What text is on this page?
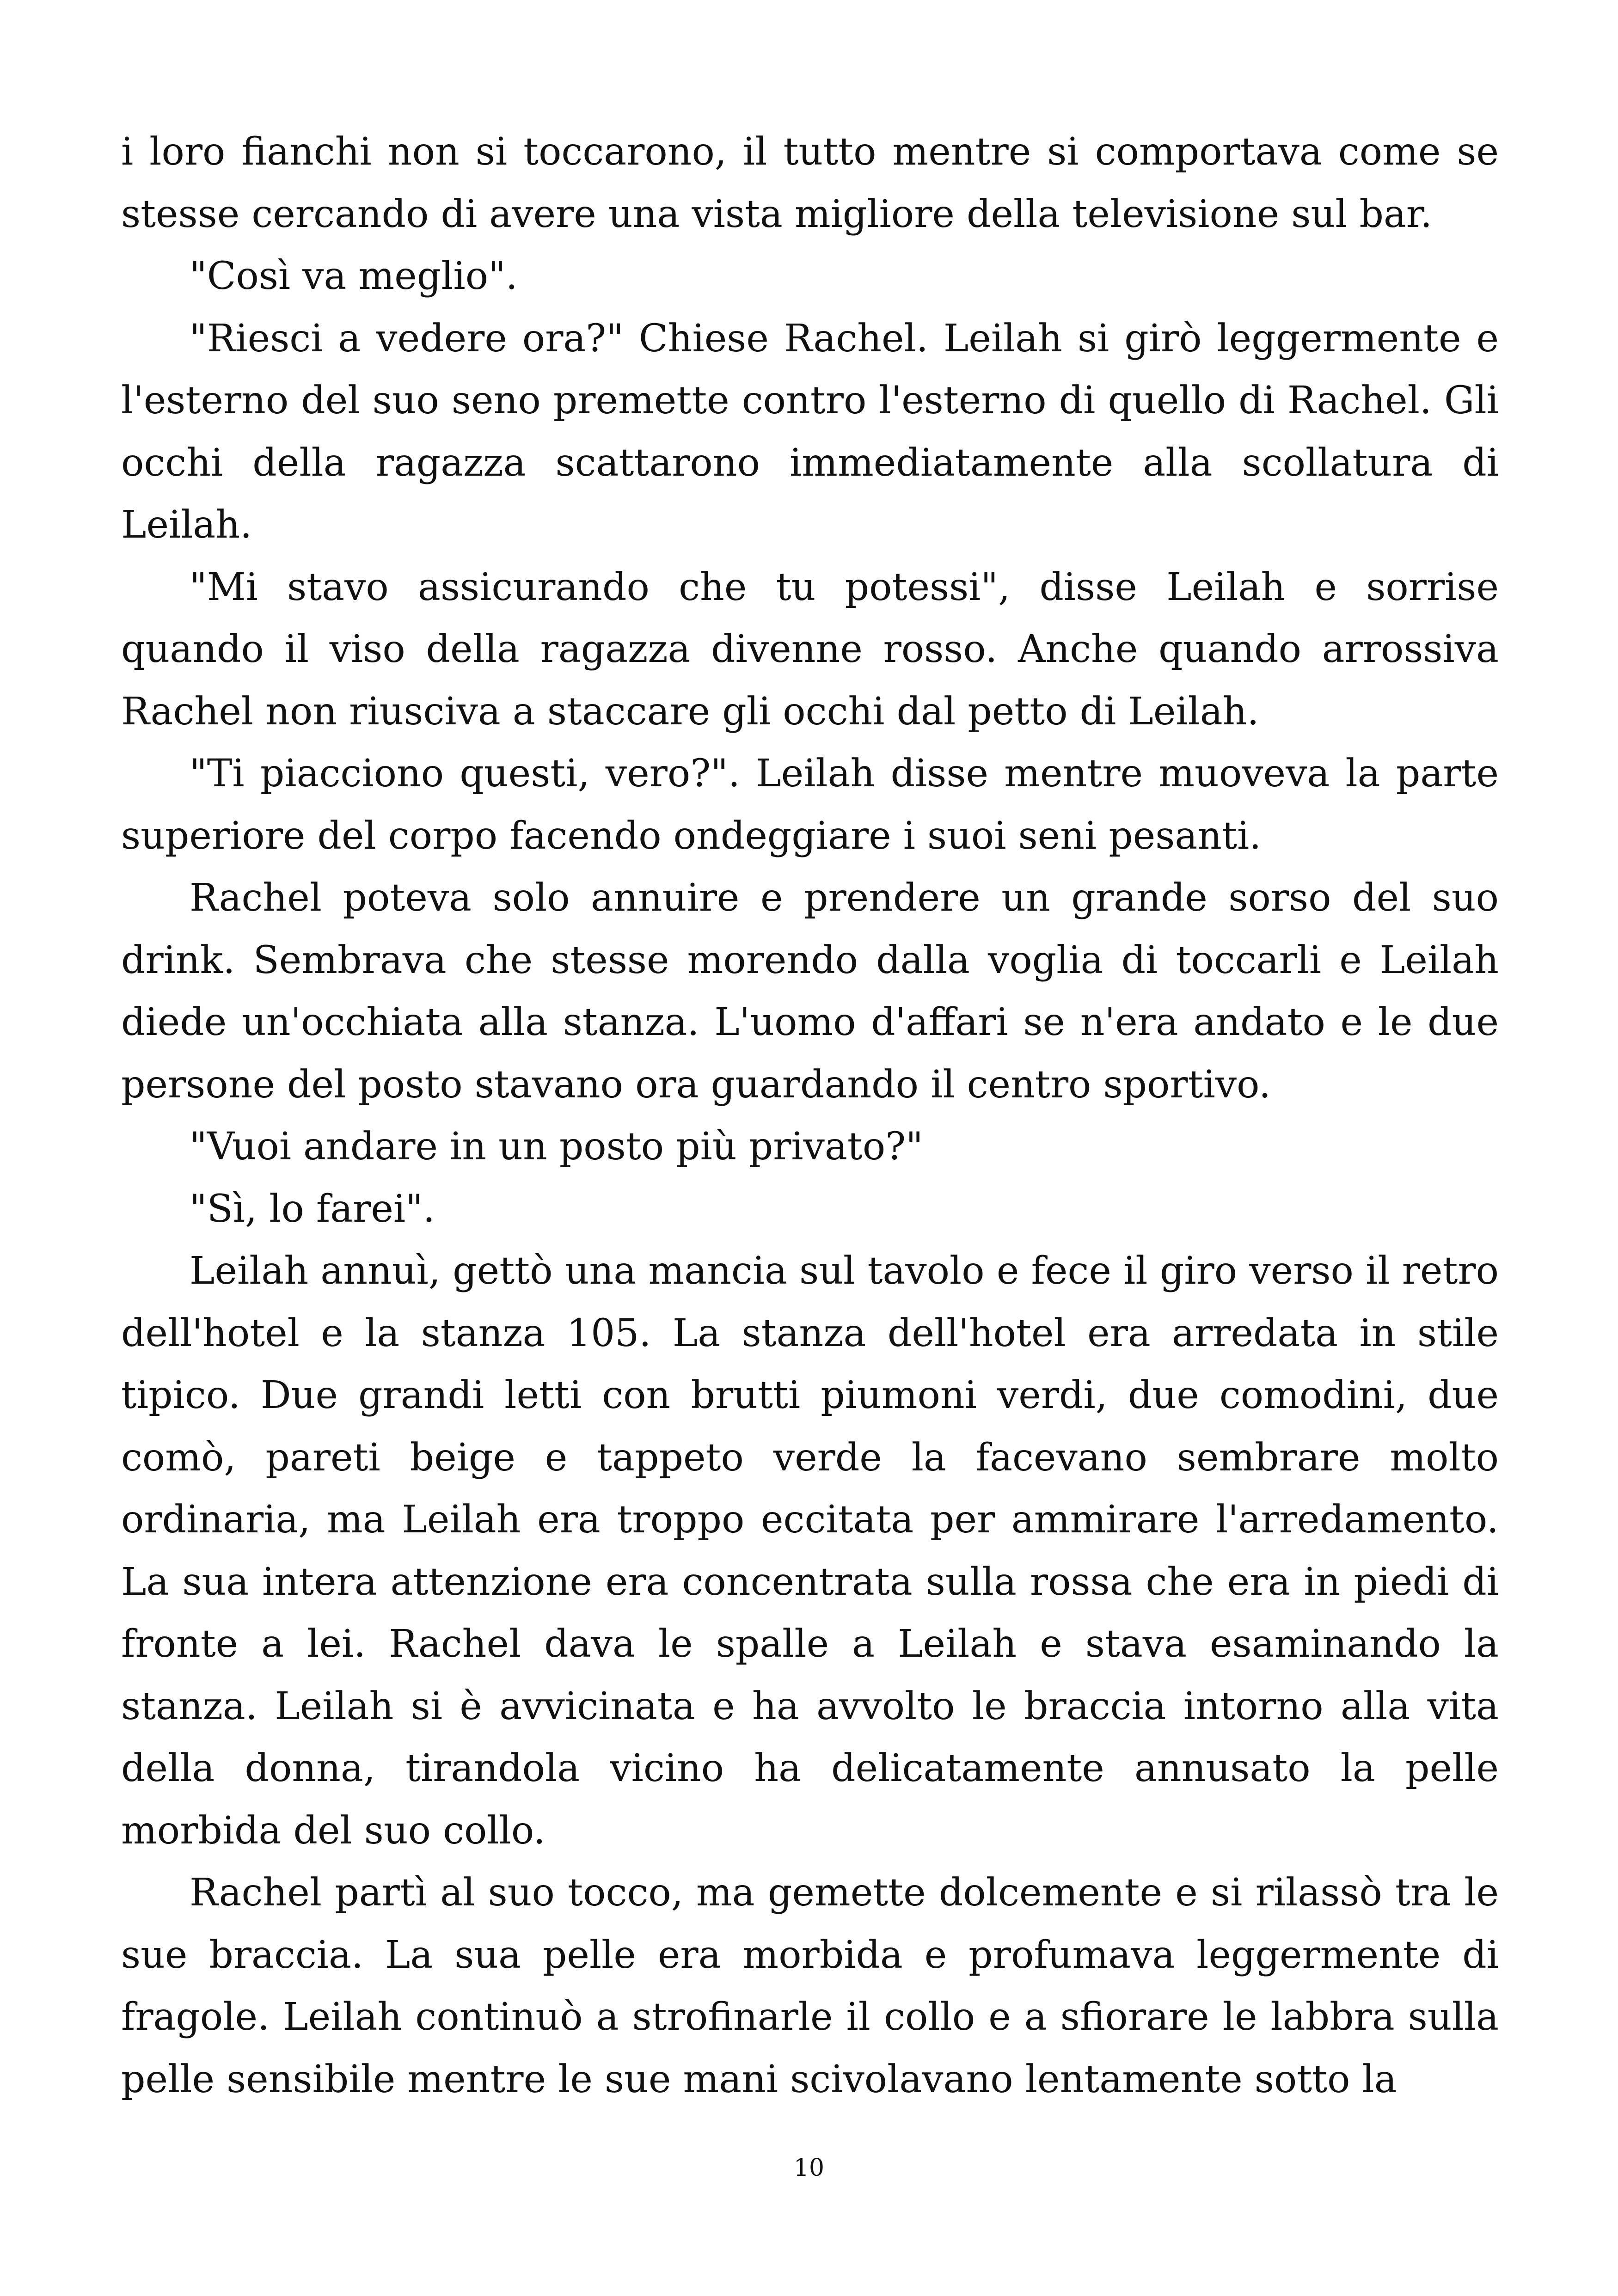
i loro fianchi non si toccarono, il tutto mentre si comportava come se stesse cercando di avere una vista migliore della televisione sul bar.

"Così va meglio".

"Riesci a vedere ora?" Chiese Rachel. Leilah si girò leggermente e l'esterno del suo seno premette contro l'esterno di quello di Rachel. Gli occhi della ragazza scattarono immediatamente alla scollatura di Leilah.

"Mi stavo assicurando che tu potessi", disse Leilah e sorrise quando il viso della ragazza divenne rosso. Anche quando arrossiva Rachel non riusciva a staccare gli occhi dal petto di Leilah.

"Ti piacciono questi, vero?". Leilah disse mentre muoveva la parte superiore del corpo facendo ondeggiare i suoi seni pesanti.

Rachel poteva solo annuire e prendere un grande sorso del suo drink. Sembrava che stesse morendo dalla voglia di toccarli e Leilah diede un'occhiata alla stanza. L'uomo d'affari se n'era andato e le due persone del posto stavano ora guardando il centro sportivo.

"Vuoi andare in un posto più privato?"

"Sì, lo farei".

Leilah annuì, gettò una mancia sul tavolo e fece il giro verso il retro dell'hotel e la stanza 105. La stanza dell'hotel era arredata in stile tipico. Due grandi letti con brutti piumoni verdi, due comodini, due comò, pareti beige e tappeto verde la facevano sembrare molto ordinaria, ma Leilah era troppo eccitata per ammirare l'arredamento. La sua intera attenzione era concentrata sulla rossa che era in piedi di fronte a lei. Rachel dava le spalle a Leilah e stava esaminando la stanza. Leilah si è avvicinata e ha avvolto le braccia intorno alla vita della donna, tirandola vicino ha delicatamente annusato la pelle morbida del suo collo.

Rachel partì al suo tocco, ma gemette dolcemente e si rilassò tra le sue braccia. La sua pelle era morbida e profumava leggermente di fragole. Leilah continuò a strofinarle il collo e a sfiorare le labbra sulla pelle sensibile mentre le sue mani scivolavano lentamente sotto la

10
